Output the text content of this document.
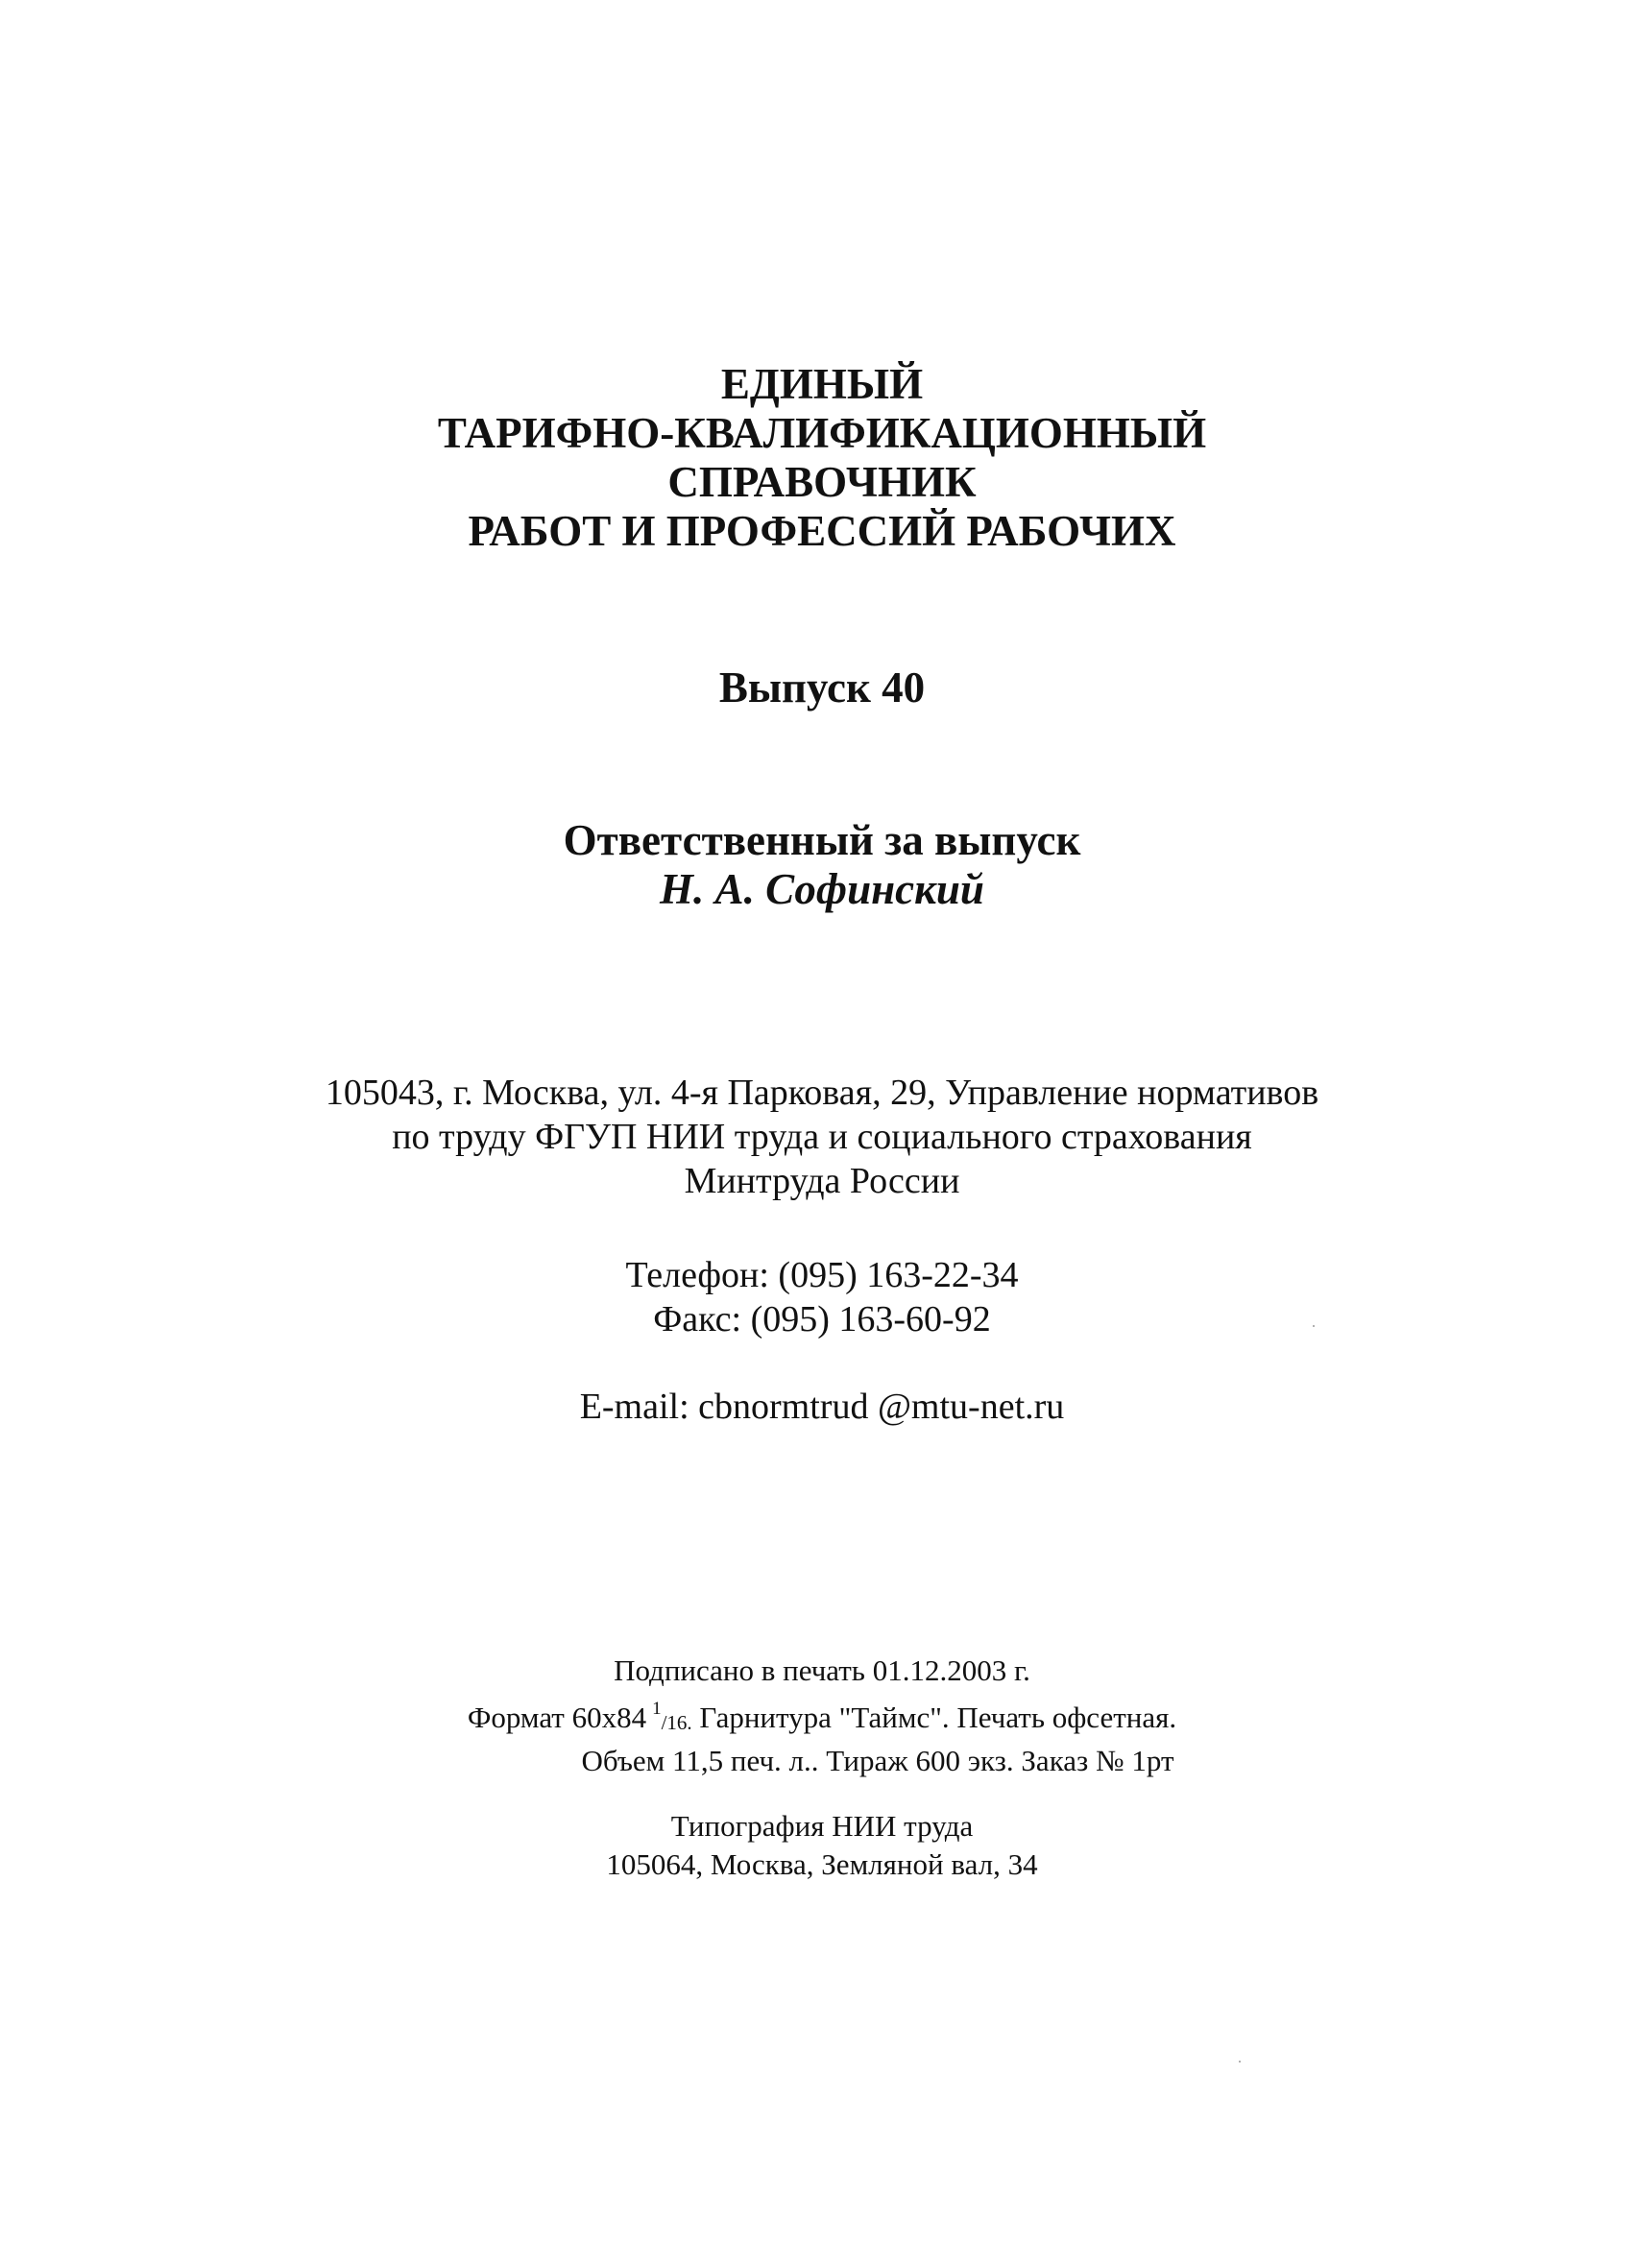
ЕДИНЫЙ
ТАРИФНО-КВАЛИФИКАЦИОННЫЙ
СПРАВОЧНИК
РАБОТ И ПРОФЕССИЙ РАБОЧИХ
Выпуск 40
Ответственный за выпуск
Н. А. Софинский
105043, г. Москва, ул. 4-я Парковая, 29, Управление нормативов
по труду ФГУП НИИ труда и социального страхования
Минтруда России
Телефон: (095) 163-22-34
Факс: (095) 163-60-92
E-mail: cbnormtrud @mtu-net.ru
Подписано в печать 01.12.2003 г.
Формат 60х84 $^1$/16. Гарнитура "Таймс". Печать офсетная.
Объем 11,5 печ. л.. Тираж 600 экз. Заказ № 1рт
Типография НИИ труда
105064, Москва, Земляной вал, 34
